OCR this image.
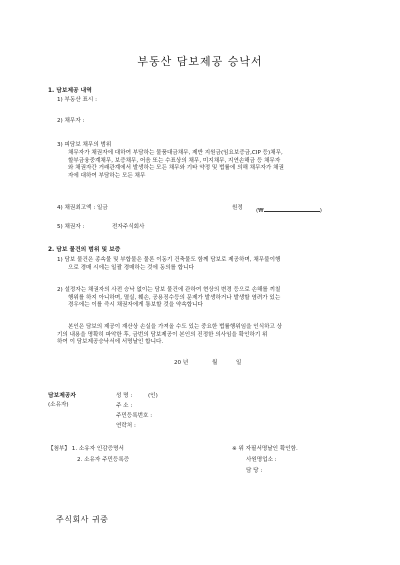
부동산 담보제공 승낙서
1. 담보제공 내역
1) 부동산 표시 :
2) 채무자 :
3) 피담보 채무의 범위
채무자가 채권자에 대하여 부담하는 물품대금채무, 제반 지원금(임요보증금,CIP 등)채무,
할부금융중계채무, 보증채무, 어음 또는 수표상의 채무, 미지채무, 지연손해금 등 채무자
와 채권자간 거래관계에서 발생하는 모든 채무와 기타 약정 및 법률에 의해 채무자가 채권
자에 대하여 부담하는 모든 채무
4) 채권최고액 : 일금	원정 (₩	)
5) 채권자 :	전자주식회사
2. 담보 물건의 범위 및 보증
1) 담보 물건은 종속물 및 부합물은 물론 이동기 건축물도 함께 담보로 제공하며, 채무불이행
으로 경매 시에는 일괄 경매하는 것에 동의를 합니다
2) 설정자는 채권자의 사전 승낙 없이는 담보 물건에 관하여 현상의 변경 등으로 손해를 끼칠
행위를 하지 아니하며, 멸실, 훼손, 공용징수등의 문제가 발생하거나 발생할 염려가 있는
경우에는 이를 즉시 채권자에게 통보할 것을 약속합니다
본인은 담보의 제공이 재산상 손실을 가져올 수도 있는 중요한 법률행위임을 인식하고 상
기의 내용을 명확히 파악한 후, 금번의 담보제공이 본인의 진정한 의사임을 확인하기 위
하여 이 담보제공승낙서에 서명날인 합니다.
20 년	월	일
담보제공자
(소유자)
성 명 :	(인)
주 소 :
주민등록번호 :
연락처 :
【첨부】 1. 소유자 인감증명서
2. 소유자 주민등록증
※ 위 자필서명날인 확인함.
사원명업소 :
담 당 :
주식회사 귀중
